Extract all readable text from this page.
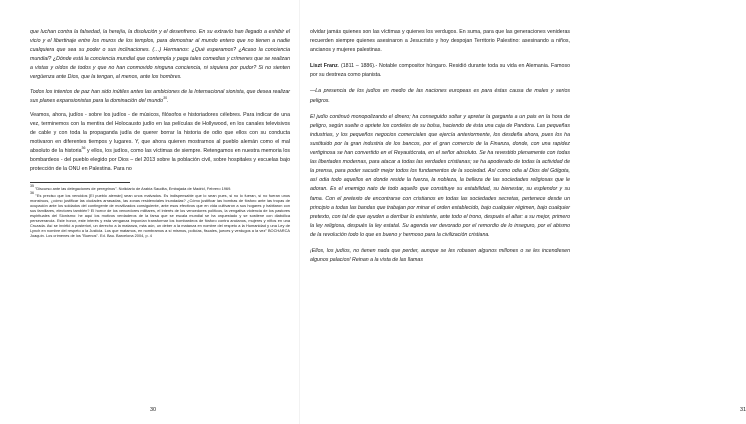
que luchan contra la falsedad, la herejía, la disolución y el desenfreno. En su extravío han llegado a exhibir el vicio y el libertinaje entre los muros de los templos, para demostrar al mundo entero que no tienen a nadie cualquiera que sea su poder o sus inclinaciones. (…) Hermanos: ¿Qué esperamos? ¿Acaso la conciencia mundial? ¿Dónde está la conciencia mundial que contempla y paga tales comedias y crímenes que se realizan a vistas y oídos de todos y que no han conmovido ninguna conciencia, ni siquiera por pudor? Si no sienten vergüenza ante Dios, que la tengan, al menos, ante los hombres.

Todos los intentos de paz han sido inútiles antes las ambiciones de la Internacional sionista, que desea realizar sus planes expansionistas para la dominación del mundo$^{35}$.

Veamos, ahora, judíos - sobre los judíos - de músicos, filósofos e historiadores célebres. Para indicar de una vez, terminemos con la mentira del Holocausto judío en las películas de Hollywood, en los canales televisivos de cable y con toda la propaganda judía de querer borrar la historia de odio que ellos con su conducta motivaron en diferentes tiempos y lugares. Y, que ahora quieren mostrarnos al pueblo alemán como el mal absoluto de la historia$^{36}$ y ellos, los judíos, como las víctimas de siempre. Retengamos en nuestra memoria los bombardeos - del pueblo elegido por Dios – del 2013 sobre la población civil, sobre hospitales y escuelas bajo protección de la ONU en Palestina. Para no

$^{35}$ "Discurso ante las delegaciones de peregrinos". Noticiario de Arabia Saudita, Embajada de Madrid, Febrero 1969.

$^{36}$ "Es preciso que los vencidos [El pueblo alemán] sean unos malvados. Es indispensable que lo sean pues, si no lo fueran, sí no fueran unos monstruos, ¿cómo justificar las ciudades arrasadas, las zonas residenciales inundadas? ¿Cómo justificar las bombas de fósforo ante las tropas de ocupación ante los soldados del contingente de movilizados consiguiente, ante esos efectivos que en vida cultivaron a sus hogares y habitaron con sus familiares, electores también? El horror de los vencedores militares, el interés de los vencedores políticos, la vengativa violencia de los pastores espirituales del Sionismo: he aquí los motivos verdaderos de la farsa que se escala mundial se ha orquestado y se sostiene con diabólica perseverancia. Este honor, este interés y esta venganza imponían transformar los bombardeos de fósforo contra ancianos, mujeres y niños en una Cruzada. Así se invirtió a posteriori, un derecho a la matanza, más aún, un deber a la matanza en nombre del respeto a la Humanidad y una Ley de Lynch en nombre del respeto a la Justicia. Los que matamos, en nombramos a sí mismos, policías, fiscales, jueces y verdugos a la vez" BOCHARCA Joaquín. Los crímenes de los "Buenos". Ed. Bau. Barcelona 2004, p. 4

30

olvidar jamás quienes son las víctimas y quienes los verdugos. En suma, para que las generaciones venideras recuerden siempre quienes asesinaron a Jesucristo y hoy despojan Territorio Palestino: asesinando a niños, ancianos y mujeres palestinas.

Liszt Franz. (1811 – 1886).- Notable compositor húngaro. Residió durante toda su vida en Alemania. Famoso por su destreza como pianista.

—La presencia de los judíos en medio de las naciones europeas es para éstas causa de males y serios peligros.

El judío continuó monopolizando el dinero; ha conseguido soltar y apretar la garganta a un pais en la hora de peligro, según suelte o apriete los cordeles de su bolsa, haciendo de ésta una caja de Pandora. Las pequeñas industrias, y los pequeños negocios comerciales que ejercía anteriormente, los desdeña ahora, pues los ha sustituido por la gran industria de los bancos, por el gran comercio de la Finanza, donde, con una rapidez vertiginosa se han convertido en el Reyautócrata, en el señor absoluto. Se ha revestido plenamente con todas las libertades modernas, para atacar a todas las verdades cristianas; se ha apoderado de todas la actividad de la prensa, para poder sacudir mejor todos los fundamentos de la sociedad. Así como odia al Dios del Gólgota, así odia todo aquellos en donde reside la fuerza, la nobleza, la belleza de las sociedades religiosas que le adoran. Es el enemigo nato de todo aquello que constituye su estabilidad, su bienestar, su esplendor y su fama. Con el pretexto de encontrarse con cristianos en todas las sociedades secretas, pertenece desde un principio a todas las bandas que trabajan por minar el orden establecido, bajo cualquier régimen, bajo cualquier pretexto, con tal de que ayuden a derribar lo existente, ante todo el trono, después el altar: a su mejor, primero la ley religiosa, después la ley estatal. Su agenda ver devorado por el remordio de lo inseguro, por el abismo de la revolución todo lo que es bueno y hermoso para la civilización cristiana.

¡Ellos, los judíos, no tienen nada que perder, aunque se les robasen algunos millones o se les incendiesen algunos palacios! Reinan a la vista de las llamas

31
